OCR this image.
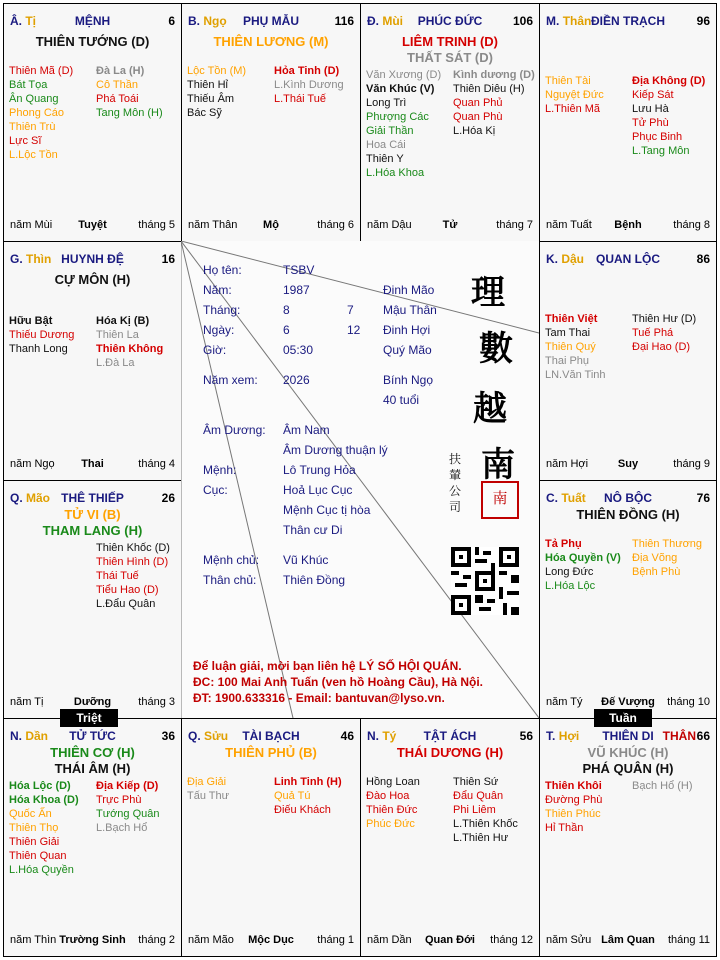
T. Hợi THIÊN DI THÂN 66
VŨ KHÚC (H)
PHÁ QUÂN (H)
Thiên Khôi
Đường Phù
Thiên Phúc
Hỉ Thần
Bạch Hổ (H)
năm Sửu Lâm Quan tháng 11
N. Tý TẬT ÁCH	56
THÁI DƯƠNG (H)
Hồng Loan
Đào Hoa
Thiên Đức
Phúc Đức
Thiên Sứ
Đẩu Quân
Phi Liêm
L.Thiên Khốc
L.Thiên Hư
năm Dần Quan Đới tháng 12
Q. Sửu TÀI BẠCH	46
THIÊN PHỦ (B)
Địa Giải
Tấu Thư
Linh Tinh (H)
Quả Tú
Điếu Khách
năm Mão Mộc Dục tháng 1
N. Dần TỬ TỨC	36
THIÊN CƠ (H)
THÁI ÂM (H)
Hóa Lộc (D)
Hóa Khoa (D)
Quốc Ấn
Thiên Thọ
Thiên Giải
Thiên Quan
L.Hóa Quyền
Địa Kiếp (D)
Trực Phù
Tướng Quân
L.Bạch Hổ
năm Thìn Trường Sinh tháng 2
C. Tuất NÔ BỘC	76
THIÊN ĐỒNG (H)
Tả Phụ
Hóa Quyền (V)
Long Đức
L.Hóa Lộc
Thiên Thương
Địa Võng
Bệnh Phù
năm Tý Đế Vượng tháng 10
Q. Mão THÊ THIẾP	26
TỬ VI (B)
THAM LANG (H)
Thiên Khốc (D)
Thiên Hình (D)
Thái Tuế
Tiểu Hao (D)
L.Đẩu Quân
năm Tị	Dưỡng tháng 3
K. Dậu QUAN LỘC	86
Thiên Việt
Tam Thai
Thiên Quý
Thai Phụ
LN.Văn Tinh
Thiên Hư (D)
Tuế Phá
Đại Hao (D)
năm Hợi	Suy	tháng 9
G. Thìn HUYNH ĐỆ	16
CỰ MÔN (H)
Hữu Bật
Thiếu Dương
Thanh Long
Hóa Kị (B)
Thiên La
Thiên Không
L.Đà La
năm Ngọ Thai	tháng 4
M. Thân ĐIỀN TRẠCH	96
Thiên Tài
Nguyệt Đức
L.Thiên Mã
Địa Không (D)
Kiếp Sát
Lưu Hà
Tử Phù
Phục Binh
L.Tang Môn
năm Tuất Bệnh	tháng 8
Đ. Mùi PHÚC ĐỨC	106
LIÊM TRINH (D)
THẤT SÁT (D)
Văn Xương (D)
Văn Khúc (V)
Long Trì
Phượng Các
Giải Thần
Hoa Cái
Thiên Y
L.Hóa Khoa
Kình dương (D)
Thiên Diêu (H)
Quan Phủ
Quan Phù
L.Hóa Kị
năm Dậu	Tử	tháng 7
B. Ngọ PHỤ MẪU	116
THIÊN LƯƠNG (M)
Lộc Tồn (M)
Thiên Hỉ
Thiếu Âm
Bác Sỹ
Hỏa Tinh (D)
L.Kình Dương
L.Thái Tuế
năm Thân Mộ	tháng 6
Â. Tị	MỆNH	6
THIÊN TƯỚNG (D)
Thiên Mã (D)
Bát Tọa
Ân Quang
Phong Cáo
Thiên Trù
Lực Sĩ
L.Lộc Tồn
Đà La (H)
Cô Thần
Phá Toái
Tang Môn (H)
năm Mùi Tuyệt	tháng 5
Họ tên:	TSBV
Năm:	1987	Đinh Mão
Tháng:	8	7 Mậu Thân
Ngày:	6	12 Đinh Hợi
Giờ:	05:30	Quý Mão
Năm xem: 2026	Bính Ngọ
40 tuổi
Âm Dương: Âm Nam
Âm Dương thuận lý
Mệnh:	Lô Trung Hỏa
Cục:	Hoả Lục Cục
Mệnh Cục tị hòa
Thân cư Di
Mệnh chủ: Vũ Khúc
Thân chủ: Thiên Đồng
理
數
越
南
南
扶
輦
公
司
Để luận giải, mời bạn liên hệ LÝ SỐ HỘI QUÁN.
ĐC: 100 Mai Anh Tuấn (ven hồ Hoàng Cầu), Hà Nội.
ĐT: 1900.633316 - Email: bantuvan@lyso.vn.
Triệt	Tuần
